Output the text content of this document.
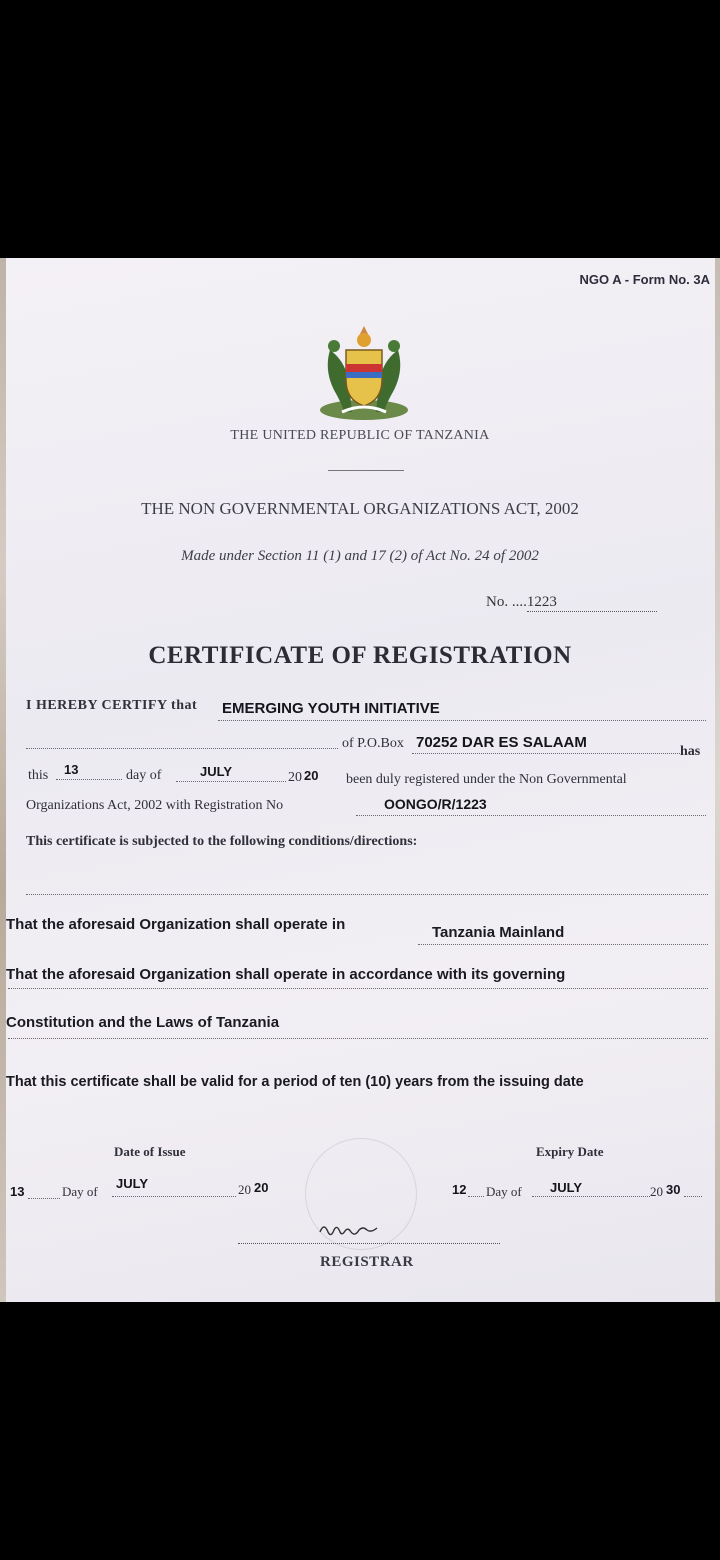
NGO A - Form No. 3A
THE UNITED REPUBLIC OF TANZANIA
THE NON GOVERNMENTAL ORGANIZATIONS ACT, 2002
Made under Section 11 (1) and 17 (2) of Act No. 24 of 2002
No. ....1223
CERTIFICATE OF REGISTRATION
I HEREBY CERTIFY that EMERGING YOUTH INITIATIVE
of P.O.Box 70252 DAR ES SALAAM
has
this 13	day of	JULY	20 20 been duly registered under the Non Governmental
Organizations Act, 2002 with Registration No	OONGO/R/1223
This certificate is subjected to the following conditions/directions:
That the aforesaid Organization shall operate in	Tanzania Mainland
That the aforesaid Organization shall operate in accordance with its governing
Constitution and the Laws of Tanzania
That this certificate shall be valid for a period of ten (10) years from the issuing date
Date of Issue	Expiry Date
13	Day of
JULY	20 20	12 Day of JULY	20 30
REGISTRAR
